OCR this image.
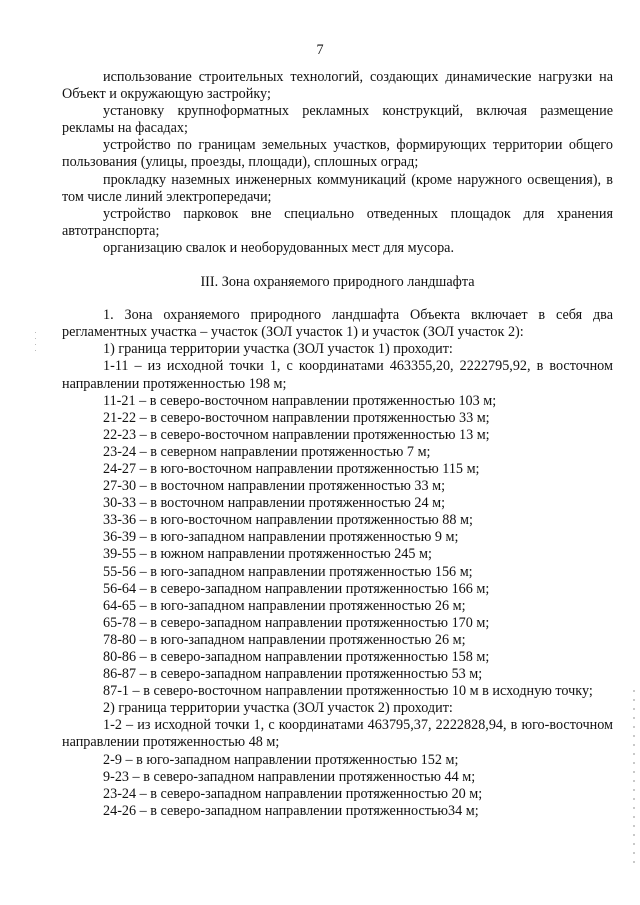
7

использование строительных технологий, создающих динамические нагрузки на Объект и окружающую застройку;

установку крупноформатных рекламных конструкций, включая размещение рекламы на фасадах;

устройство по границам земельных участков, формирующих территории общего пользования (улицы, проезды, площади), сплошных оград;

прокладку наземных инженерных коммуникаций (кроме наружного освещения), в том числе линий электропередачи;

устройство парковок вне специально отведенных площадок для хранения автотранспорта;

организацию свалок и необорудованных мест для мусора.

III. Зона охраняемого природного ландшафта

1. Зона охраняемого природного ландшафта Объекта включает в себя два регламентных участка – участок (ЗОЛ участок 1) и участок (ЗОЛ участок 2):

1) граница территории участка (ЗОЛ участок 1) проходит:

1-11 – из исходной точки 1, с координатами 463355,20, 2222795,92, в восточном направлении протяженностью 198 м;

11-21 – в северо-восточном направлении протяженностью 103 м;

21-22 – в северо-восточном направлении протяженностью 33 м;

22-23 – в северо-восточном направлении протяженностью 13 м;

23-24 – в северном направлении протяженностью 7 м;

24-27 – в юго-восточном направлении протяженностью 115 м;

27-30 – в восточном направлении протяженностью 33 м;

30-33 – в восточном направлении протяженностью 24 м;

33-36 – в юго-восточном направлении протяженностью 88 м;

36-39 – в юго-западном направлении протяженностью 9 м;

39-55 – в южном направлении протяженностью 245 м;

55-56 – в юго-западном направлении протяженностью 156 м;

56-64 – в северо-западном направлении протяженностью 166 м;

64-65 – в юго-западном направлении протяженностью 26 м;

65-78 – в северо-западном направлении протяженностью 170 м;

78-80 – в юго-западном направлении протяженностью 26 м;

80-86 – в северо-западном направлении протяженностью 158 м;

86-87 – в северо-западном направлении протяженностью 53 м;

87-1 – в северо-восточном направлении протяженностью 10 м в исходную точку;

2) граница территории участка (ЗОЛ участок 2) проходит:

1-2 – из исходной точки 1, с координатами 463795,37, 2222828,94, в юго-восточном направлении протяженностью 48 м;

2-9 – в юго-западном направлении протяженностью 152 м;

9-23 – в северо-западном направлении протяженностью 44 м;

23-24 – в северо-западном направлении протяженностью 20 м;

24-26 – в северо-западном направлении протяженностью34 м;
